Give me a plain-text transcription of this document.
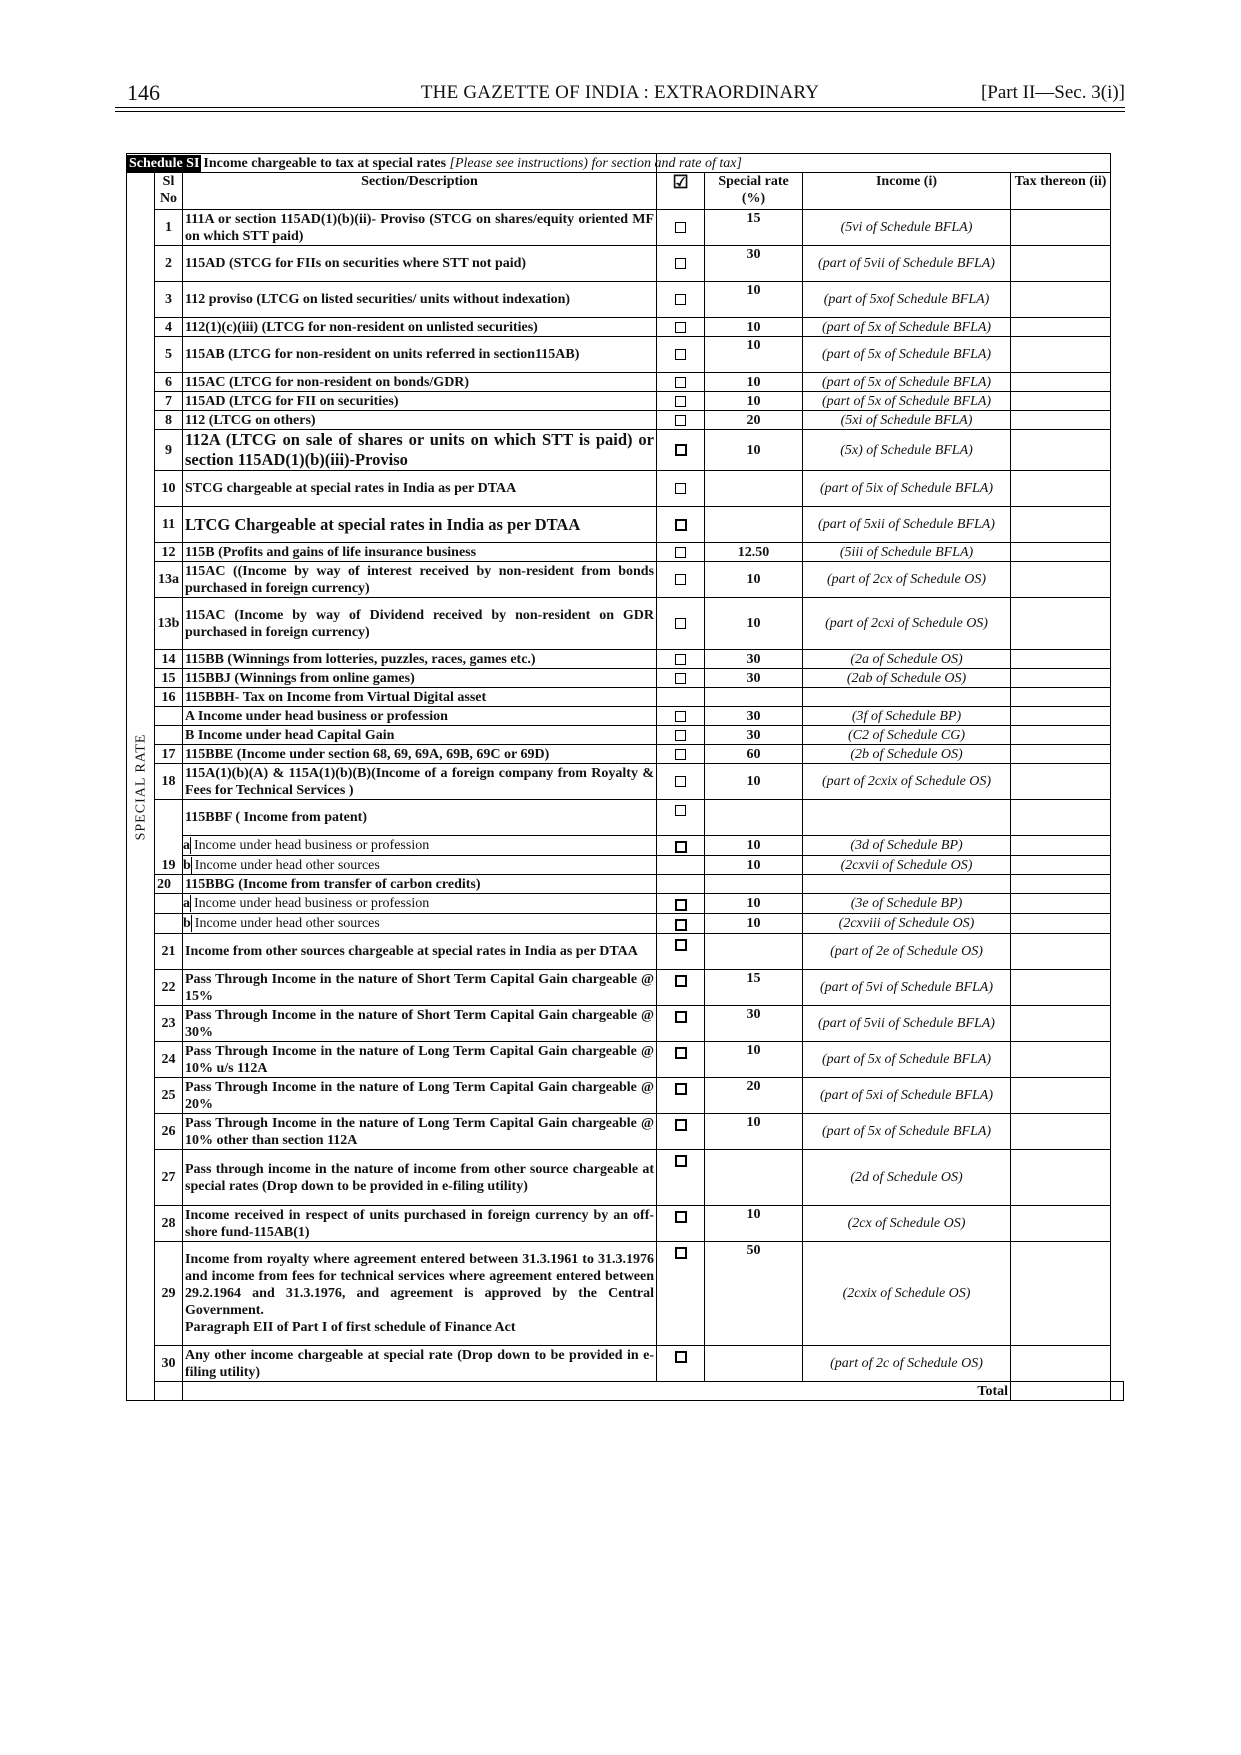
146	THE GAZETTE OF INDIA : EXTRAORDINARY	[Part II—Sec. 3(i)]
Schedule SI Income chargeable to tax at special rates [Please see instructions) for section and rate of tax]							

SPECIAL RATE	Sl No	Section/Description	☑	Special rate (%)	Income (i)	Tax thereon (ii)	
	1	111A or section 115AD(1)(b)(ii)- Proviso (STCG on shares/equity oriented MF on which STT paid)		15	(5vi of Schedule BFLA)		
	2	115AD (STCG for FIIs on securities where STT not paid)		30	(part of 5vii of Schedule BFLA)		
	3	112 proviso (LTCG on listed securities/ units without indexation)		10	(part of 5xof Schedule BFLA)		
	4	112(1)(c)(iii) (LTCG for non-resident on unlisted securities)		10	(part of 5x of Schedule BFLA)		
	5	115AB (LTCG for non-resident on units referred in section115AB)		10	(part of 5x of Schedule BFLA)		
	6	115AC (LTCG for non-resident on bonds/GDR)		10	(part of 5x of Schedule BFLA)		
	7	115AD (LTCG for FII on securities)		10	(part of 5x of Schedule BFLA)		
	8	112 (LTCG on others)		20	(5xi of Schedule BFLA)		
	9	112A (LTCG on sale of shares or units on which STT is paid) or section 115AD(1)(b)(iii)-Proviso		10	(5x) of Schedule BFLA)		
	10	STCG chargeable at special rates in India as per DTAA			(part of 5ix of Schedule BFLA)		
	11	LTCG Chargeable at special rates in India as per DTAA			(part of 5xii of Schedule BFLA)		
	12	115B (Profits and gains of life insurance business		12.50	(5iii of Schedule BFLA)		
	13a	115AC ((Income by way of interest received by non-resident from bonds purchased in foreign currency)		10	(part of 2cx of Schedule OS)		
	13b	115AC (Income by way of Dividend received by non-resident on GDR purchased in foreign currency)		10	(part of 2cxi of Schedule OS)		
	14	115BB (Winnings from lotteries, puzzles, races, games etc.)		30	(2a of Schedule OS)		
	15	115BBJ (Winnings from online games)		30	(2ab of Schedule OS)		
	16	115BBH- Tax on Income from Virtual Digital asset					
		A Income under head business or profession		30	(3f of Schedule BP)		
		B Income under head Capital Gain		30	(C2 of Schedule CG)		
	17	115BBE (Income under section 68, 69, 69A, 69B, 69C or 69D)		60	(2b of Schedule OS)		
	18	115A(1)(b)(A) & 115A(1)(b)(B)(Income of a foreign company from Royalty & Fees for Technical Services )		10	(part of 2cxix of Schedule OS)		
	19	115BBF ( Income from patent)					

		a Income under head business or profession		10	(3d of Schedule BP)		

		b Income under head other sources		10	(2cxvii of Schedule OS)		
	20	115BBG (Income from transfer of carbon credits)					

		a Income under head business or profession		10	(3e of Schedule BP)		

		b Income under head other sources		10	(2cxviii of Schedule OS)		
	21	Income from other sources chargeable at special rates in India as per DTAA			(part of 2e of Schedule OS)		
	22	Pass Through Income in the nature of Short Term Capital Gain chargeable @ 15%		15	(part of 5vi of Schedule BFLA)		
	23	Pass Through Income in the nature of Short Term Capital Gain chargeable @ 30%		30	(part of 5vii of Schedule BFLA)		
	24	Pass Through Income in the nature of Long Term Capital Gain chargeable @ 10% u/s 112A		10	(part of 5x of Schedule BFLA)		
	25	Pass Through Income in the nature of Long Term Capital Gain chargeable @ 20%		20	(part of 5xi of Schedule BFLA)		
	26	Pass Through Income in the nature of Long Term Capital Gain chargeable @ 10% other than section 112A		10	(part of 5x of Schedule BFLA)		
	27	Pass through income in the nature of income from other source chargeable at special rates (Drop down to be provided in e-filing utility)			(2d of Schedule OS)		
	28	Income received in respect of units purchased in foreign currency by an off-shore fund-115AB(1)		10	(2cx of Schedule OS)		
	29	Income from royalty where agreement entered between 31.3.1961 to 31.3.1976 and income from fees for technical services where agreement entered between 29.2.1964 and 31.3.1976, and agreement is approved by the Central Government.
Paragraph EII of Part I of first schedule of Finance Act		50	(2cxix of Schedule OS)		
	30	Any other income chargeable at special rate (Drop down to be provided in e-filing utility)			(part of 2c of Schedule OS)		
					Total		
